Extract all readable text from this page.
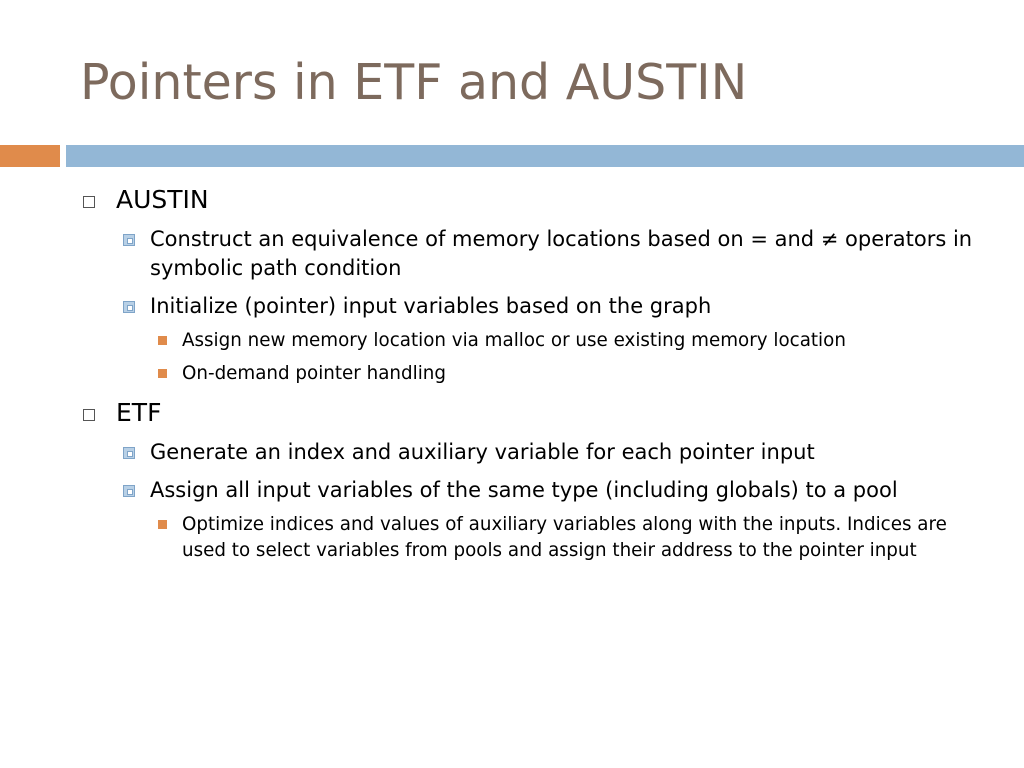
Pointers in ETF and AUSTIN
AUSTIN
Construct an equivalence of memory locations based on = and ≠ operators in symbolic path condition
Initialize (pointer) input variables based on the graph
Assign new memory location via malloc or use existing memory location
On-demand pointer handling
ETF
Generate an index and auxiliary variable for each pointer input
Assign all input variables of the same type (including globals) to a pool
Optimize indices and values of auxiliary variables along with the inputs. Indices are used to select variables from pools and assign their address to the pointer input
